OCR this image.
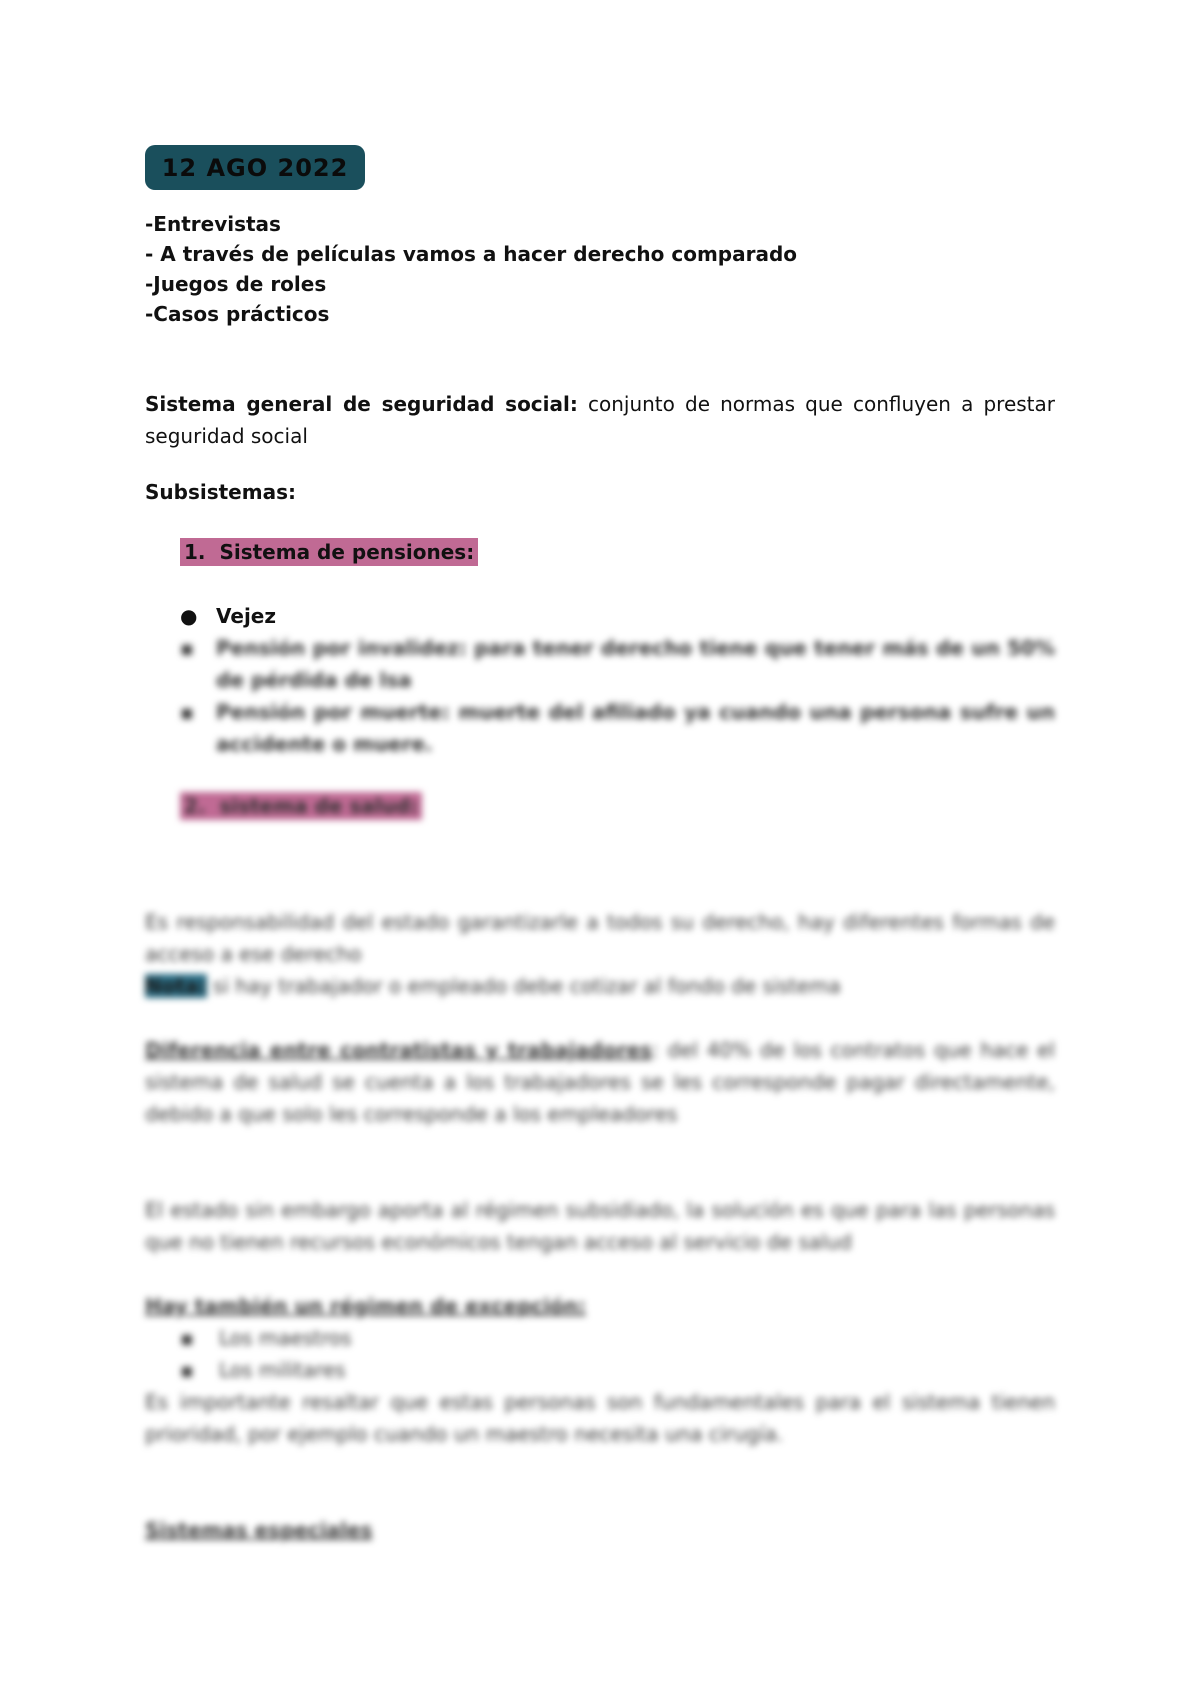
12 AGO 2022
-Entrevistas
- A través de películas vamos a hacer derecho comparado
-Juegos de roles
-Casos prácticos
Sistema general de seguridad social: conjunto de normas que confluyen a prestar seguridad social
Subsistemas:
1. Sistema de pensiones:
● Vejez
▪	Pensión por invalidez: para tener derecho tiene que tener más de un 50% de pérdida de lsa
▪	Pensión por muerte: muerte del afiliado ya cuando una persona sufre un accidente o muere.
2. sistema de salud:
Es responsabilidad del estado garantizarle a todos su derecho, hay diferentes formas de acceso a ese derecho
Nota: si hay trabajador o empleado debe cotizar al fondo de sistema
Diferencia entre contratistas y trabajadores: del 40% de los contratos que hace el sistema de salud se cuenta a los trabajadores se les corresponde pagar directamente, debido a que solo les corresponde a los empleadores
El estado sin embargo aporta al régimen subsidiado, la solución es que para las personas que no tienen recursos económicos tengan acceso al servicio de salud
Hay también un régimen de excepción:
▪    Los maestros
▪    Los militares
Es importante resaltar que estas personas son fundamentales para el sistema tienen prioridad, por ejemplo cuando un maestro necesita una cirugía.
Sistemas especiales
